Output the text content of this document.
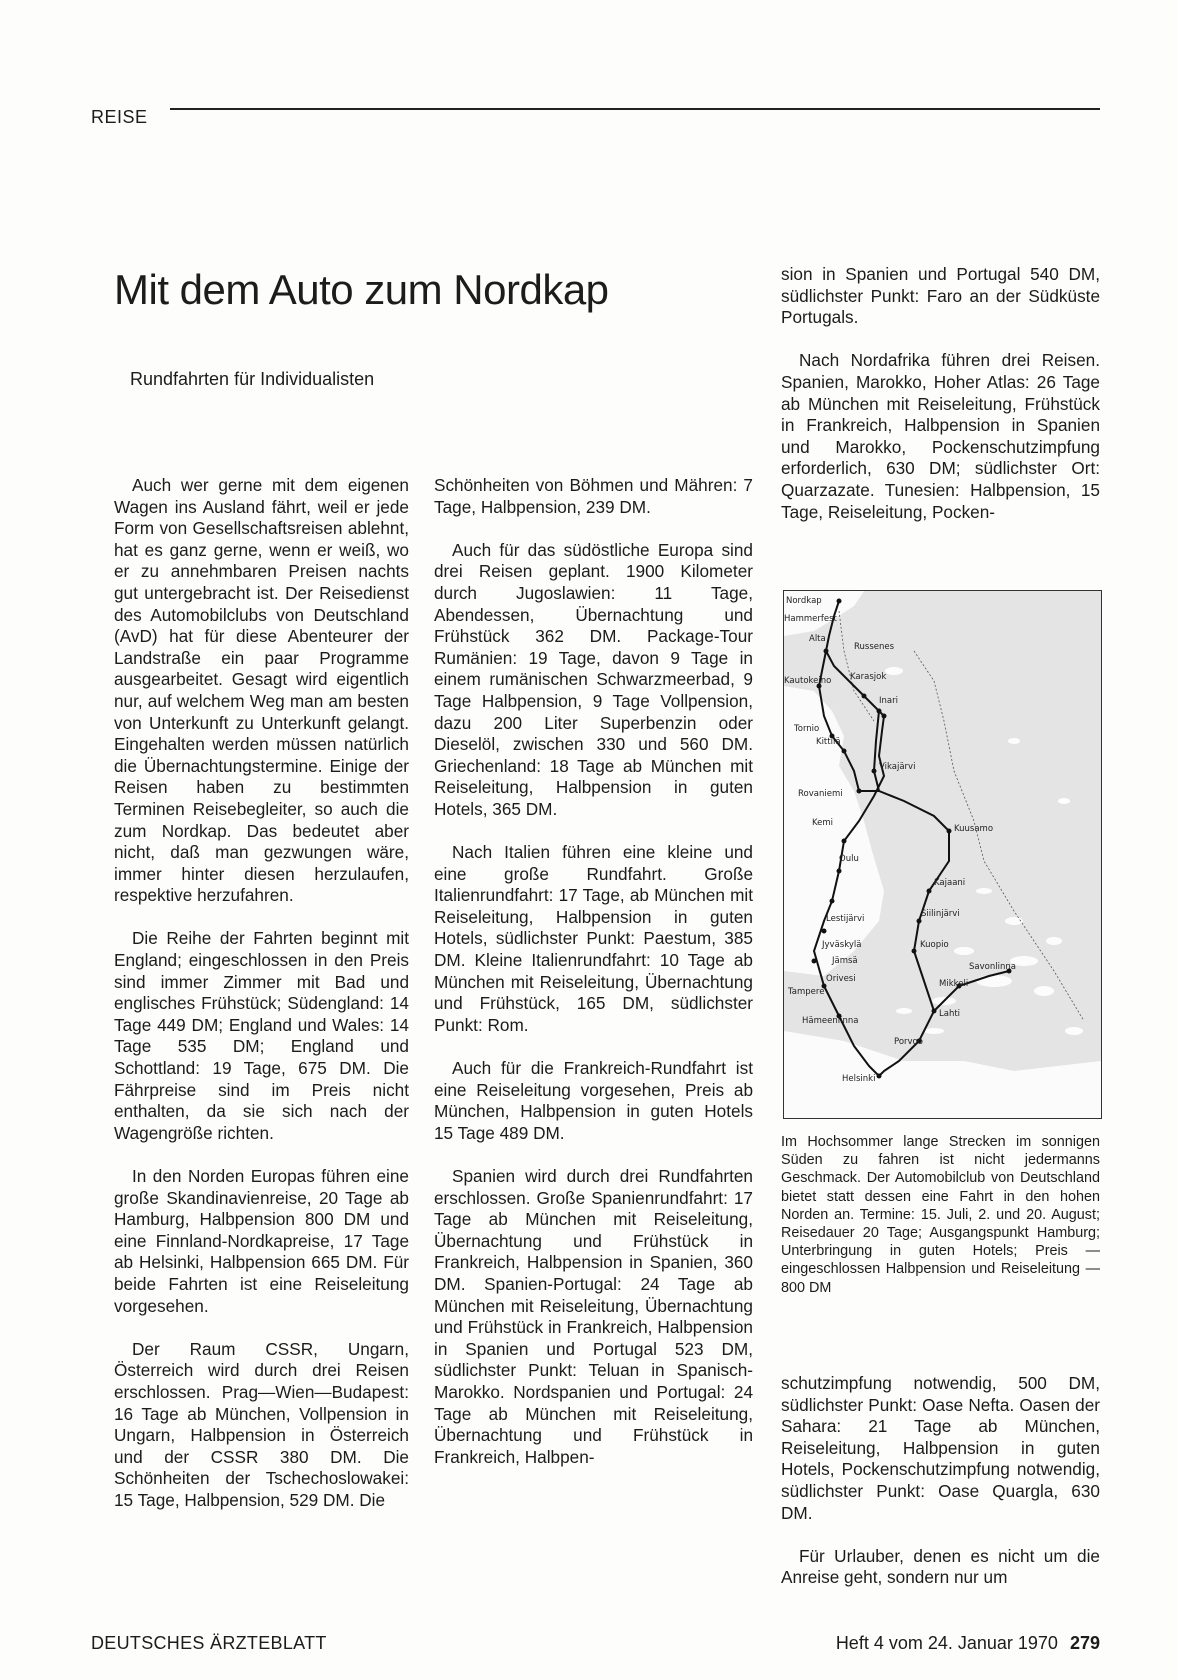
REISE
Mit dem Auto zum Nordkap
Rundfahrten für Individualisten

Auch wer gerne mit dem eigenen Wagen ins Ausland fährt, weil er jede Form von Gesellschaftsreisen ablehnt, hat es ganz gerne, wenn er weiß, wo er zu annehmbaren Preisen nachts gut untergebracht ist. Der Reisedienst des Automobilclubs von Deutschland (AvD) hat für diese Abenteurer der Landstraße ein paar Programme ausgearbeitet. Gesagt wird eigentlich nur, auf welchem Weg man am besten von Unterkunft zu Unterkunft gelangt. Eingehalten werden müssen natürlich die Übernachtungstermine. Einige der Reisen haben zu bestimmten Terminen Reisebegleiter, so auch die zum Nordkap. Das bedeutet aber nicht, daß man gezwungen wäre, immer hinter diesen herzulaufen, respektive herzufahren.

Die Reihe der Fahrten beginnt mit England; eingeschlossen in den Preis sind immer Zimmer mit Bad und englisches Frühstück; Südengland: 14 Tage 449 DM; England und Wales: 14 Tage 535 DM; England und Schottland: 19 Tage, 675 DM. Die Fährpreise sind im Preis nicht enthalten, da sie sich nach der Wagengröße richten.

In den Norden Europas führen eine große Skandinavienreise, 20 Tage ab Hamburg, Halbpension 800 DM und eine Finnland-Nordkapreise, 17 Tage ab Helsinki, Halbpension 665 DM. Für beide Fahrten ist eine Reiseleitung vorgesehen.

Der Raum CSSR, Ungarn, Österreich wird durch drei Reisen erschlossen. Prag—Wien—Budapest: 16 Tage ab München, Vollpension in Ungarn, Halbpension in Österreich und der CSSR 380 DM. Die Schönheiten der Tschechoslowakei: 15 Tage, Halbpension, 529 DM. Die

Schönheiten von Böhmen und Mähren: 7 Tage, Halbpension, 239 DM.

Auch für das südöstliche Europa sind drei Reisen geplant. 1900 Kilometer durch Jugoslawien: 11 Tage, Abendessen, Übernachtung und Frühstück 362 DM. Package-Tour Rumänien: 19 Tage, davon 9 Tage in einem rumänischen Schwarzmeerbad, 9 Tage Halbpension, 9 Tage Vollpension, dazu 200 Liter Superbenzin oder Dieselöl, zwischen 330 und 560 DM. Griechenland: 18 Tage ab München mit Reiseleitung, Halbpension in guten Hotels, 365 DM.

Nach Italien führen eine kleine und eine große Rundfahrt. Große Italienrundfahrt: 17 Tage, ab München mit Reiseleitung, Halbpension in guten Hotels, südlichster Punkt: Paestum, 385 DM. Kleine Italienrundfahrt: 10 Tage ab München mit Reiseleitung, Übernachtung und Frühstück, 165 DM, südlichster Punkt: Rom.

Auch für die Frankreich-Rundfahrt ist eine Reiseleitung vorgesehen, Preis ab München, Halbpension in guten Hotels 15 Tage 489 DM.

Spanien wird durch drei Rundfahrten erschlossen. Große Spanienrundfahrt: 17 Tage ab München mit Reiseleitung, Übernachtung und Frühstück in Frankreich, Halbpension in Spanien, 360 DM. Spanien-Portugal: 24 Tage ab München mit Reiseleitung, Übernachtung und Frühstück in Frankreich, Halbpension in Spanien und Portugal 523 DM, südlichster Punkt: Teluan in Spanisch-Marokko. Nordspanien und Portugal: 24 Tage ab München mit Reiseleitung, Übernachtung und Frühstück in Frankreich, Halbpen-

sion in Spanien und Portugal 540 DM, südlichster Punkt: Faro an der Südküste Portugals.

Nach Nordafrika führen drei Reisen. Spanien, Marokko, Hoher Atlas: 26 Tage ab München mit Reiseleitung, Frühstück in Frankreich, Halbpension in Spanien und Marokko, Pockenschutzimpfung erforderlich, 630 DM; südlichster Ort: Quarzazate. Tunesien: Halbpension, 15 Tage, Reiseleitung, Pocken-

Nordkap
Hammerfest
Alta
Russenes
Karasjok
Inari
Kautokeino
Tornio
Kittilä
Vikajärvi
Rovaniemi
Kemi
Kuusamo
Oulu
Kajaani
Lestijärvi	Siilinjärvi
Kuopio
Jyväskylä
Savonlinna
Jämsä
Orivesi	Mikkeli
Tampere
Lahti
Hämeenlinna
Porvoo
Helsinki
Im Hochsommer lange Strecken im sonnigen Süden zu fahren ist nicht jedermanns Geschmack. Der Automobilclub von Deutschland bietet statt dessen eine Fahrt in den hohen Norden an. Termine: 15. Juli, 2. und 20. August; Reisedauer 20 Tage; Ausgangspunkt Hamburg; Unterbringung in guten Hotels; Preis — eingeschlossen Halbpension und Reiseleitung — 800 DM

schutzimpfung notwendig, 500 DM, südlichster Punkt: Oase Nefta. Oasen der Sahara: 21 Tage ab München, Reiseleitung, Halbpension in guten Hotels, Pockenschutzimpfung notwendig, südlichster Punkt: Oase Quargla, 630 DM.

Für Urlauber, denen es nicht um die Anreise geht, sondern nur um

DEUTSCHES ÄRZTEBLATT	Heft 4 vom 24. Januar 1970 279
